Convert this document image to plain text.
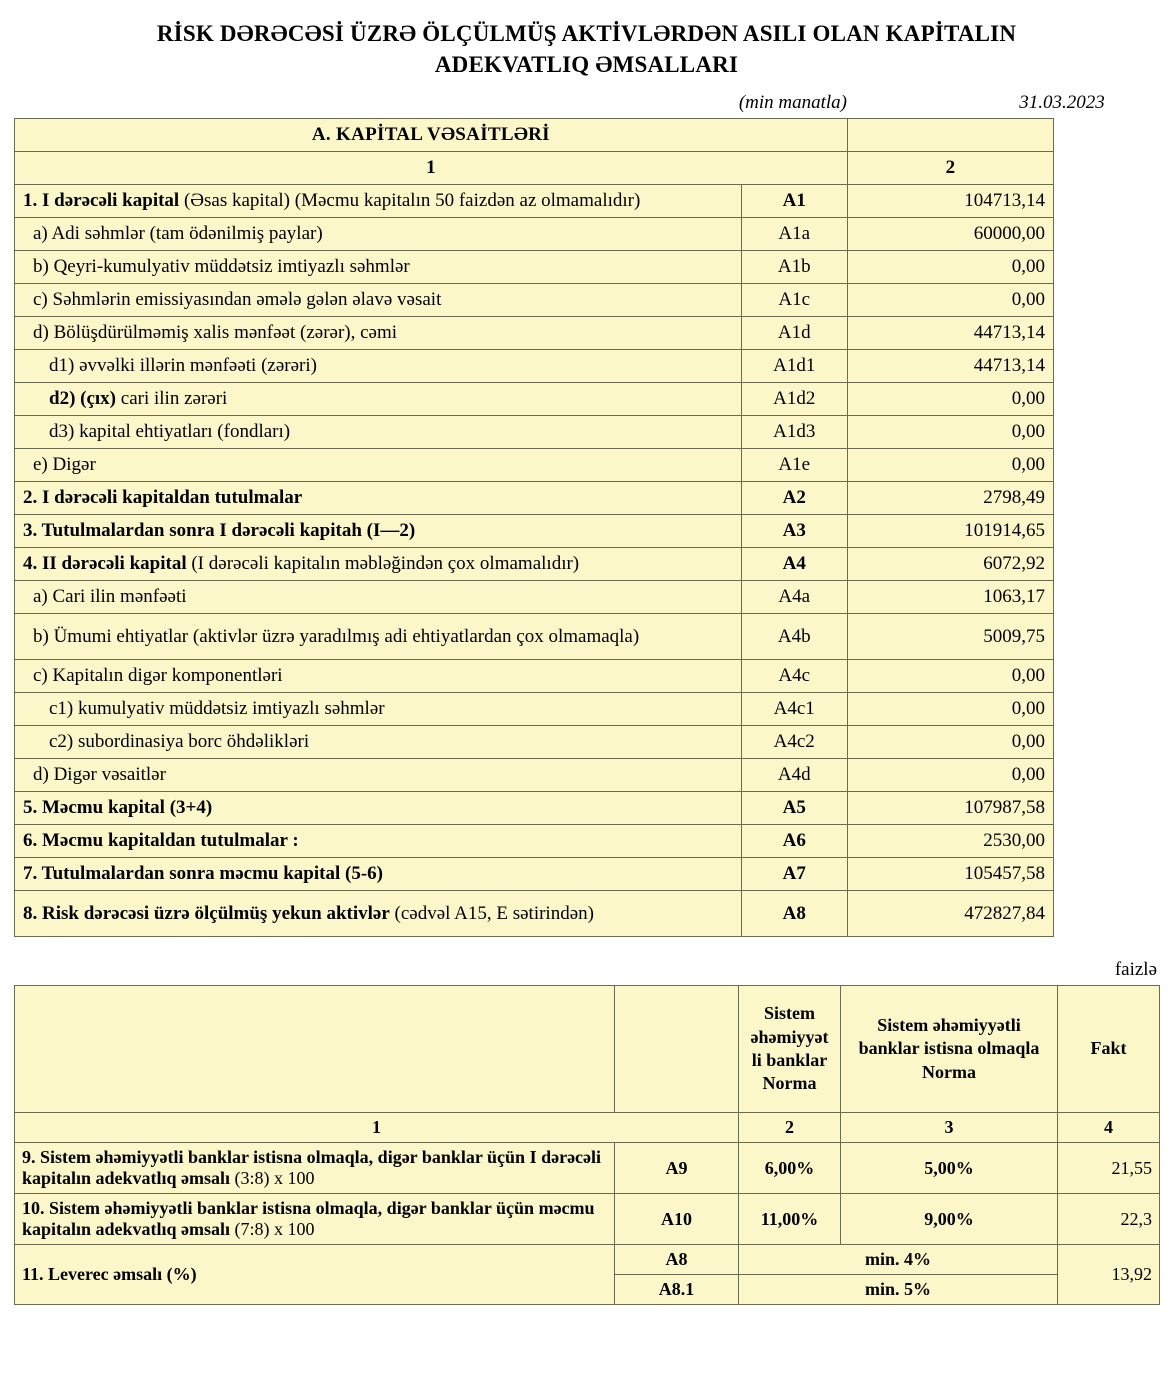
RİSK DƏRƏCƏSİ ÜZRƏ ÖLÇÜLMÜŞ AKTİVLƏRDƏN ASILI OLAN KAPİTALIN
ADEKVATLIQ ƏMSALLARI
(min manatla)	31.03.2023
A. KAPİTAL VƏSAİTLƏRİ		
1		2
1. I dərəcəli kapital (Əsas kapital) (Məcmu kapitalın 50 faizdən az olmamalıdır)	A1	104713,14
a) Adi səhmlər (tam ödənilmiş paylar)	A1a	60000,00
b) Qeyri-kumulyativ müddətsiz imtiyazlı səhmlər	A1b	0,00
c) Səhmlərin emissiyasından əmələ gələn əlavə vəsait	A1c	0,00
d) Bölüşdürülməmiş xalis mənfəət (zərər), cəmi	A1d	44713,14
d1) əvvəlki illərin mənfəəti (zərəri)	A1d1	44713,14
d2) (çıx) cari ilin zərəri	A1d2	0,00
d3) kapital ehtiyatları (fondları)	A1d3	0,00
e) Digər	A1e	0,00
2. I dərəcəli kapitaldan tutulmalar	A2	2798,49
3. Tutulmalardan sonra I dərəcəli kapitaһ (I—2)	A3	101914,65
4. II dərəcəli kapital (I dərəcəli kapitalın məbləğindən çox olmamalıdır)	A4	6072,92
a) Cari ilin mənfəəti	A4a	1063,17
b) Ümumi ehtiyatlar (aktivlər üzrə yaradılmış adi ehtiyatlardan çox olmamaqla)	A4b	5009,75
c) Kapitalın digər komponentləri	A4c	0,00
c1) kumulyativ müddətsiz imtiyazlı səhmlər	A4c1	0,00
c2) subordinasiya borc öhdəlikləri	A4c2	0,00
d) Digər vəsaitlər	A4d	0,00
5. Məcmu kapital (3+4)	A5	107987,58
6. Məcmu kapitaldan tutulmalar :	A6	2530,00
7. Tutulmalardan sonra məcmu kapital (5-6)	A7	105457,58
8. Risk dərəcəsi üzrə ölçülmüş yekun aktivlər (cədvəl A15, E sətirindən)	A8	472827,84
faizlə
		Sistem əhəmiyyət li banklar Norma	Sistem əhəmiyyətli banklar istisna olmaqla Norma	Fakt
1		2	3	4
9. Sistem əhəmiyyətli banklar istisna olmaqla, digər banklar üçün I dərəcəli kapitalın adekvatlıq əmsalı (3:8) x 100	A9	6,00%	5,00%	21,55
10. Sistem əhəmiyyətli banklar istisna olmaqla, digər banklar üçün məcmu kapitalın adekvatlıq əmsalı (7:8) x 100	A10	11,00%	9,00%	22,3
11. Leverec əmsalı (%)	A8	min. 4%		13,92
	A8.1	min. 5%		
